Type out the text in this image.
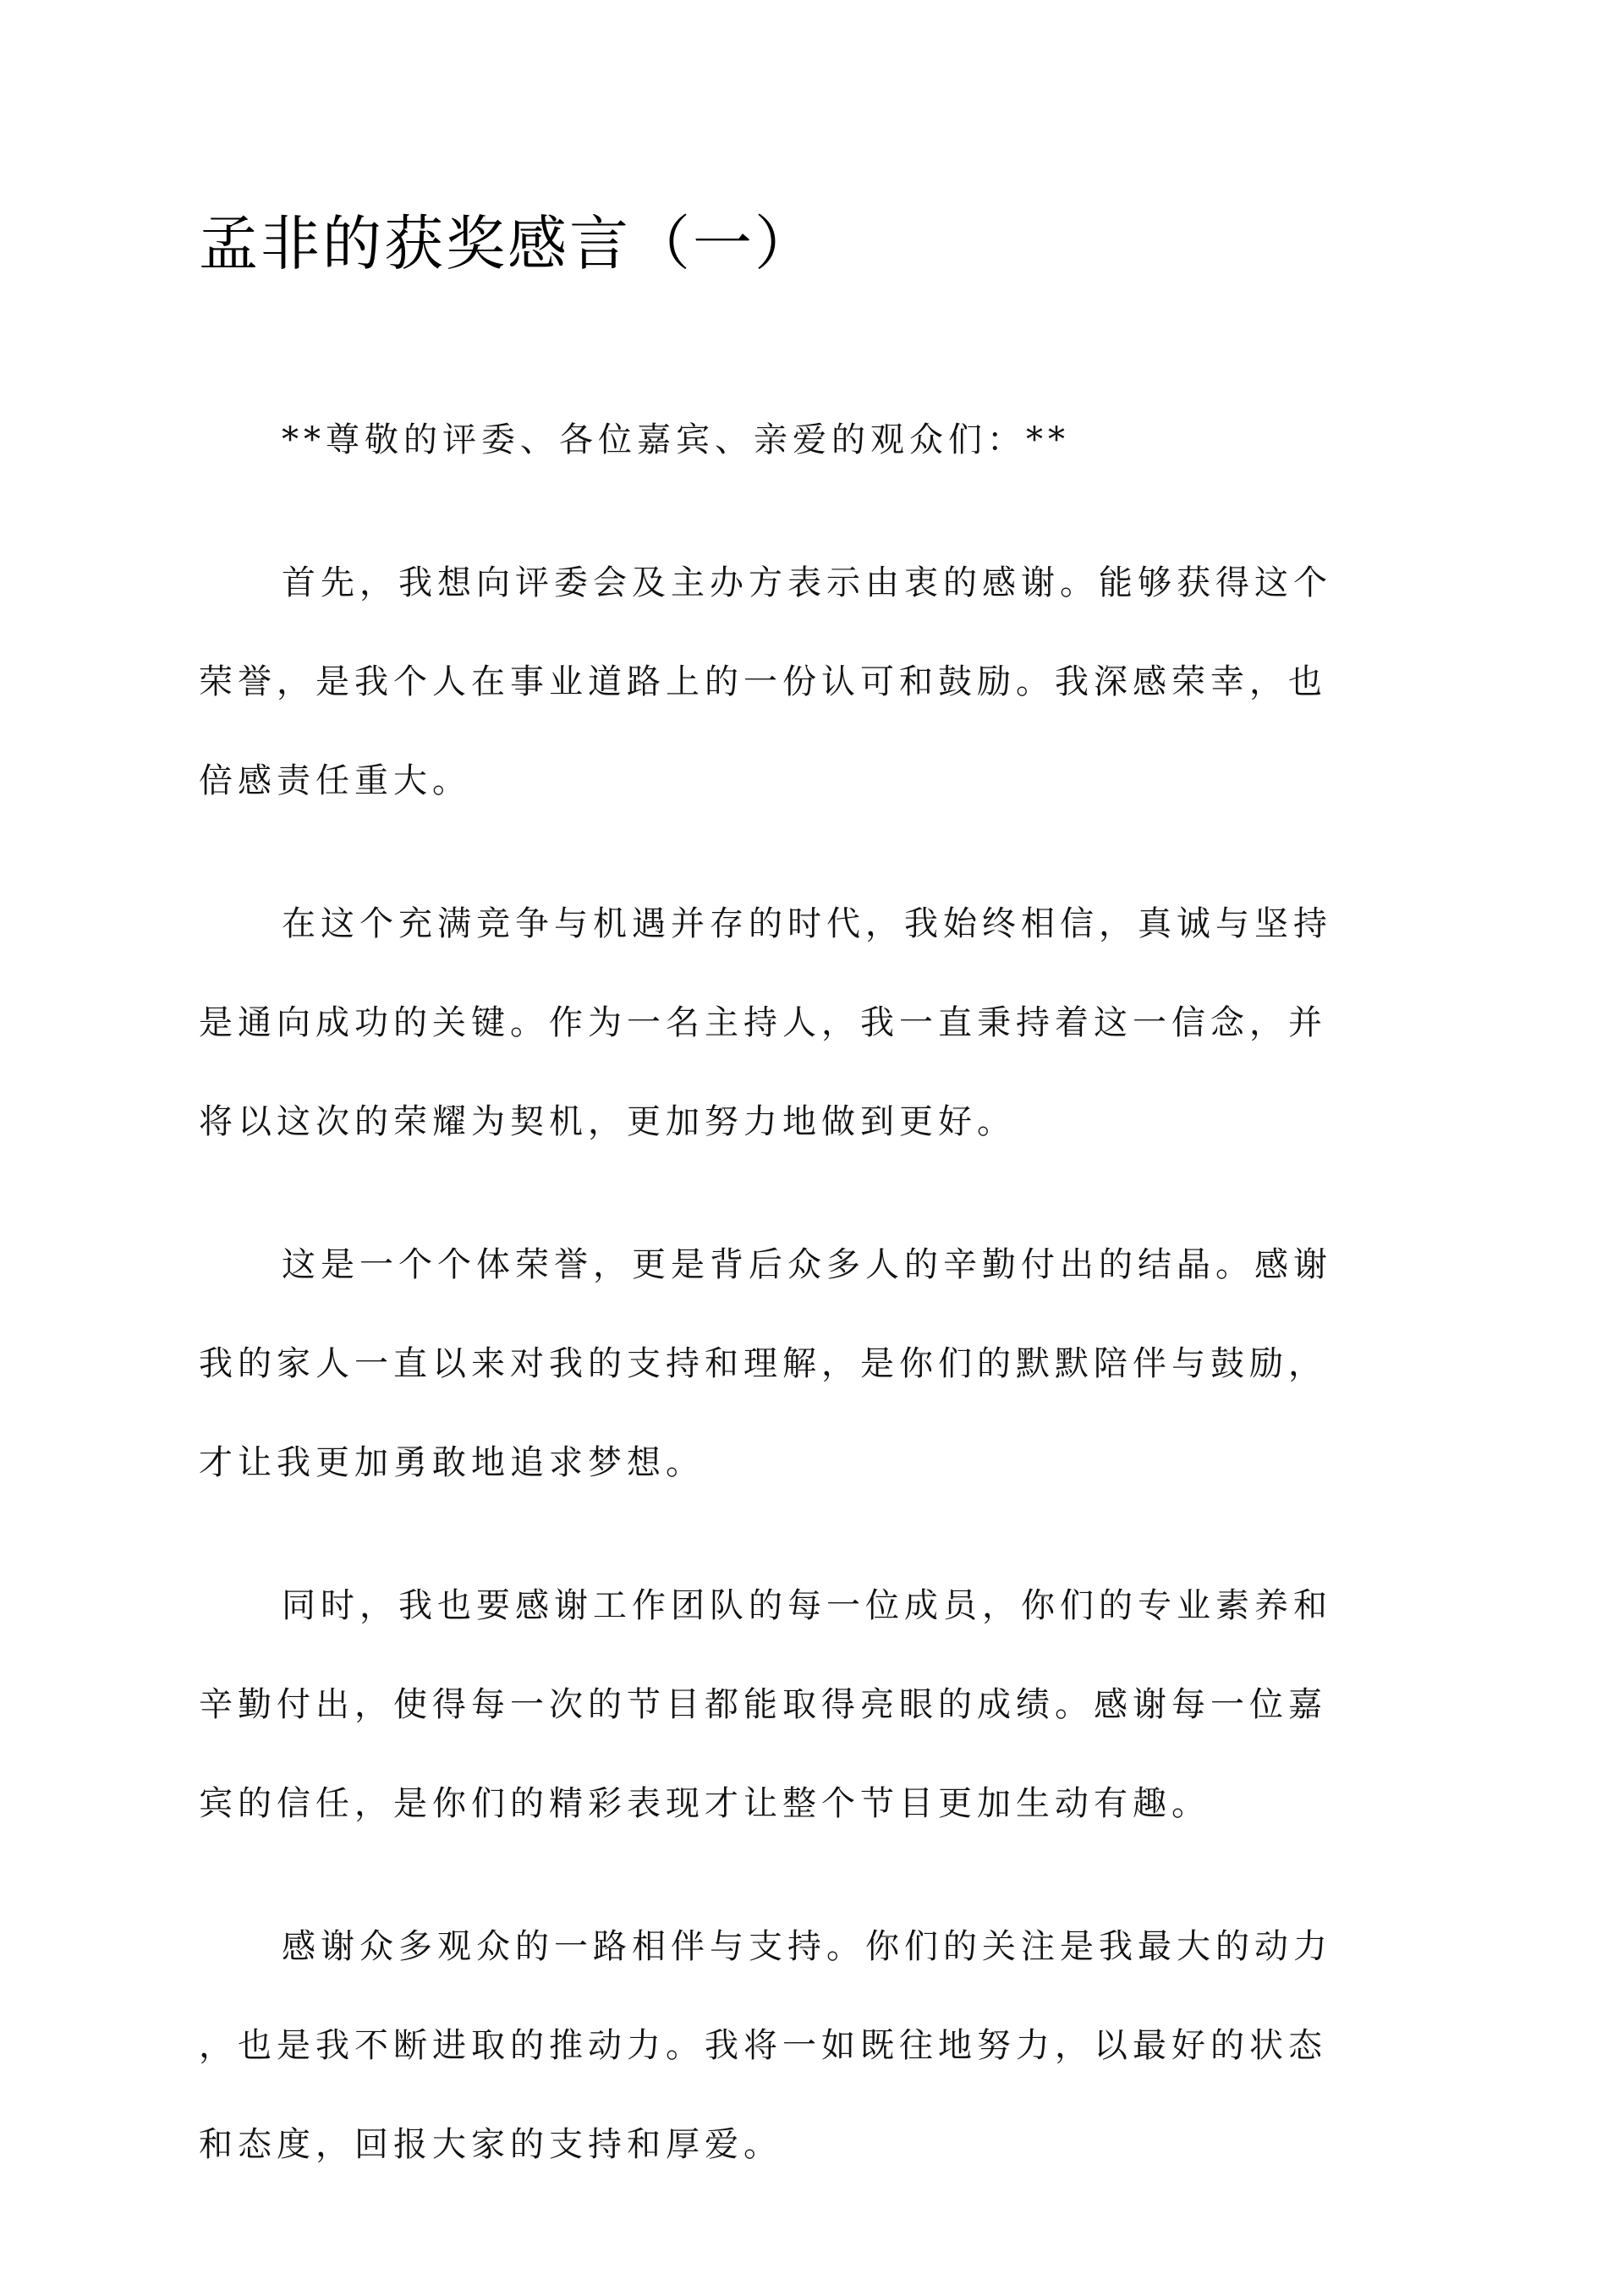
孟非的获奖感言（一）

**尊敬的评委、各位嘉宾、亲爱的观众们：**

首先，我想向评委会及主办方表示由衷的感谢。能够获得这个
荣誉，是我个人在事业道路上的一份认可和鼓励。我深感荣幸，也
倍感责任重大。

在这个充满竞争与机遇并存的时代，我始终相信，真诚与坚持
是通向成功的关键。作为一名主持人，我一直秉持着这一信念，并
将以这次的荣耀为契机，更加努力地做到更好。

这是一个个体荣誉，更是背后众多人的辛勤付出的结晶。感谢
我的家人一直以来对我的支持和理解，是你们的默默陪伴与鼓励，
才让我更加勇敢地追求梦想。

同时，我也要感谢工作团队的每一位成员，你们的专业素养和
辛勤付出，使得每一次的节目都能取得亮眼的成绩。感谢每一位嘉
宾的信任，是你们的精彩表现才让整个节目更加生动有趣。

感谢众多观众的一路相伴与支持。你们的关注是我最大的动力
，也是我不断进取的推动力。我将一如既往地努力，以最好的状态
和态度，回报大家的支持和厚爱。
